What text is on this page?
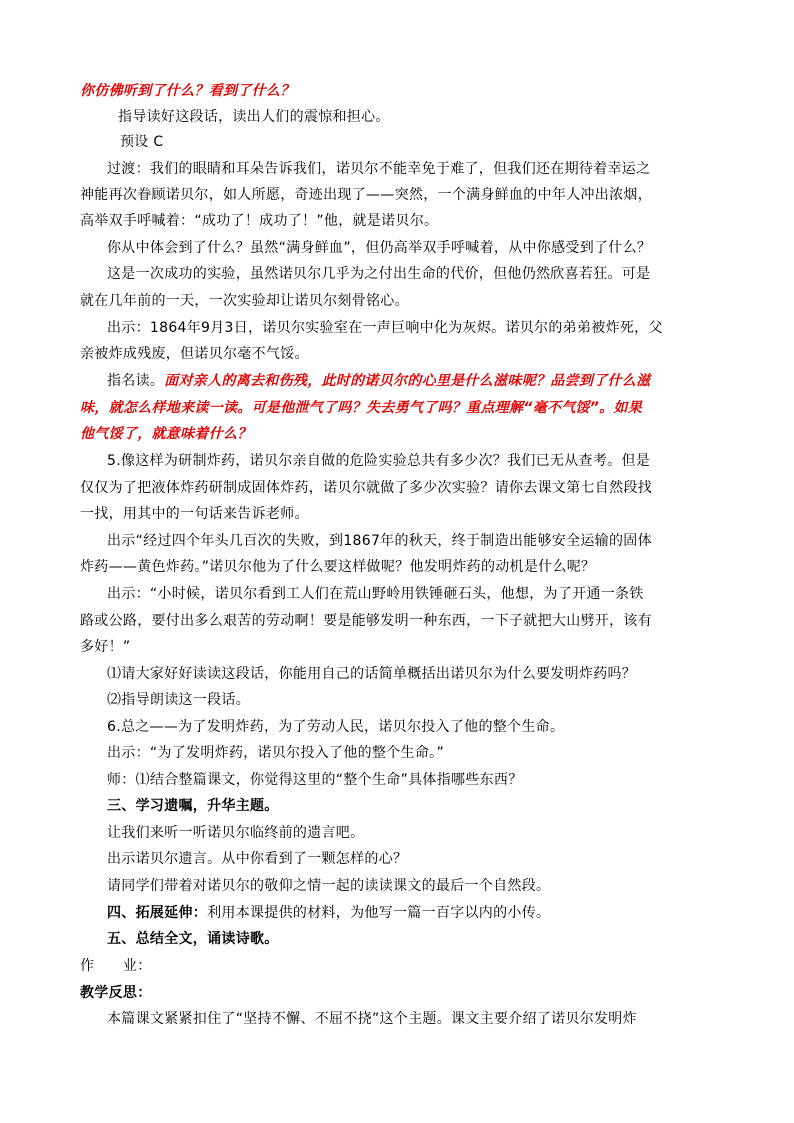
你仿佛听到了什么？看到了什么？
指导读好这段话，读出人们的震惊和担心。
预设 C
过渡：我们的眼睛和耳朵告诉我们，诺贝尔不能幸免于难了，但我们还在期待着幸运之
神能再次眷顾诺贝尔，如人所愿，奇迹出现了——突然，一个满身鲜血的中年人冲出浓烟，
高举双手呼喊着：“成功了！成功了！”他，就是诺贝尔。
你从中体会到了什么？虽然“满身鲜血”，但仍高举双手呼喊着，从中你感受到了什么？
这是一次成功的实验，虽然诺贝尔几乎为之付出生命的代价，但他仍然欣喜若狂。可是
就在几年前的一天，一次实验却让诺贝尔刻骨铭心。
出示：1864年9月3日，诺贝尔实验室在一声巨响中化为灰烬。诺贝尔的弟弟被炸死，父
亲被炸成残废，但诺贝尔毫不气馁。
指名读。面对亲人的离去和伤残，此时的诺贝尔的心里是什么滋味呢？品尝到了什么滋
味，就怎么样地来读一读。可是他泄气了吗？失去勇气了吗？重点理解“毫不气馁”。如果
他气馁了，就意味着什么？
5.像这样为研制炸药，诺贝尔亲自做的危险实验总共有多少次？我们已无从查考。但是
仅仅为了把液体炸药研制成固体炸药，诺贝尔就做了多少次实验？请你去课文第七自然段找
一找，用其中的一句话来告诉老师。
出示“经过四个年头几百次的失败，到1867年的秋天，终于制造出能够安全运输的固体
炸药——黄色炸药。”诺贝尔他为了什么要这样做呢？他发明炸药的动机是什么呢？
出示：“小时候，诺贝尔看到工人们在荒山野岭用铁锤砸石头，他想，为了开通一条铁
路或公路，要付出多么艰苦的劳动啊！要是能够发明一种东西，一下子就把大山劈开，该有
多好！”
⑴请大家好好读读这段话，你能用自己的话简单概括出诺贝尔为什么要发明炸药吗？
⑵指导朗读这一段话。
6.总之——为了发明炸药，为了劳动人民，诺贝尔投入了他的整个生命。
出示：“为了发明炸药，诺贝尔投入了他的整个生命。”
师：⑴结合整篇课文，你觉得这里的“整个生命”具体指哪些东西？
三、学习遗嘱，升华主题。
让我们来听一听诺贝尔临终前的遗言吧。
出示诺贝尔遗言。从中你看到了一颗怎样的心？
请同学们带着对诺贝尔的敬仰之情一起的读读课文的最后一个自然段。
四、拓展延伸：利用本课提供的材料，为他写一篇一百字以内的小传。
五、总结全文，诵读诗歌。
作　　业：
教学反思：
本篇课文紧紧扣住了“坚持不懈、不屈不挠”这个主题。课文主要介绍了诺贝尔发明炸
